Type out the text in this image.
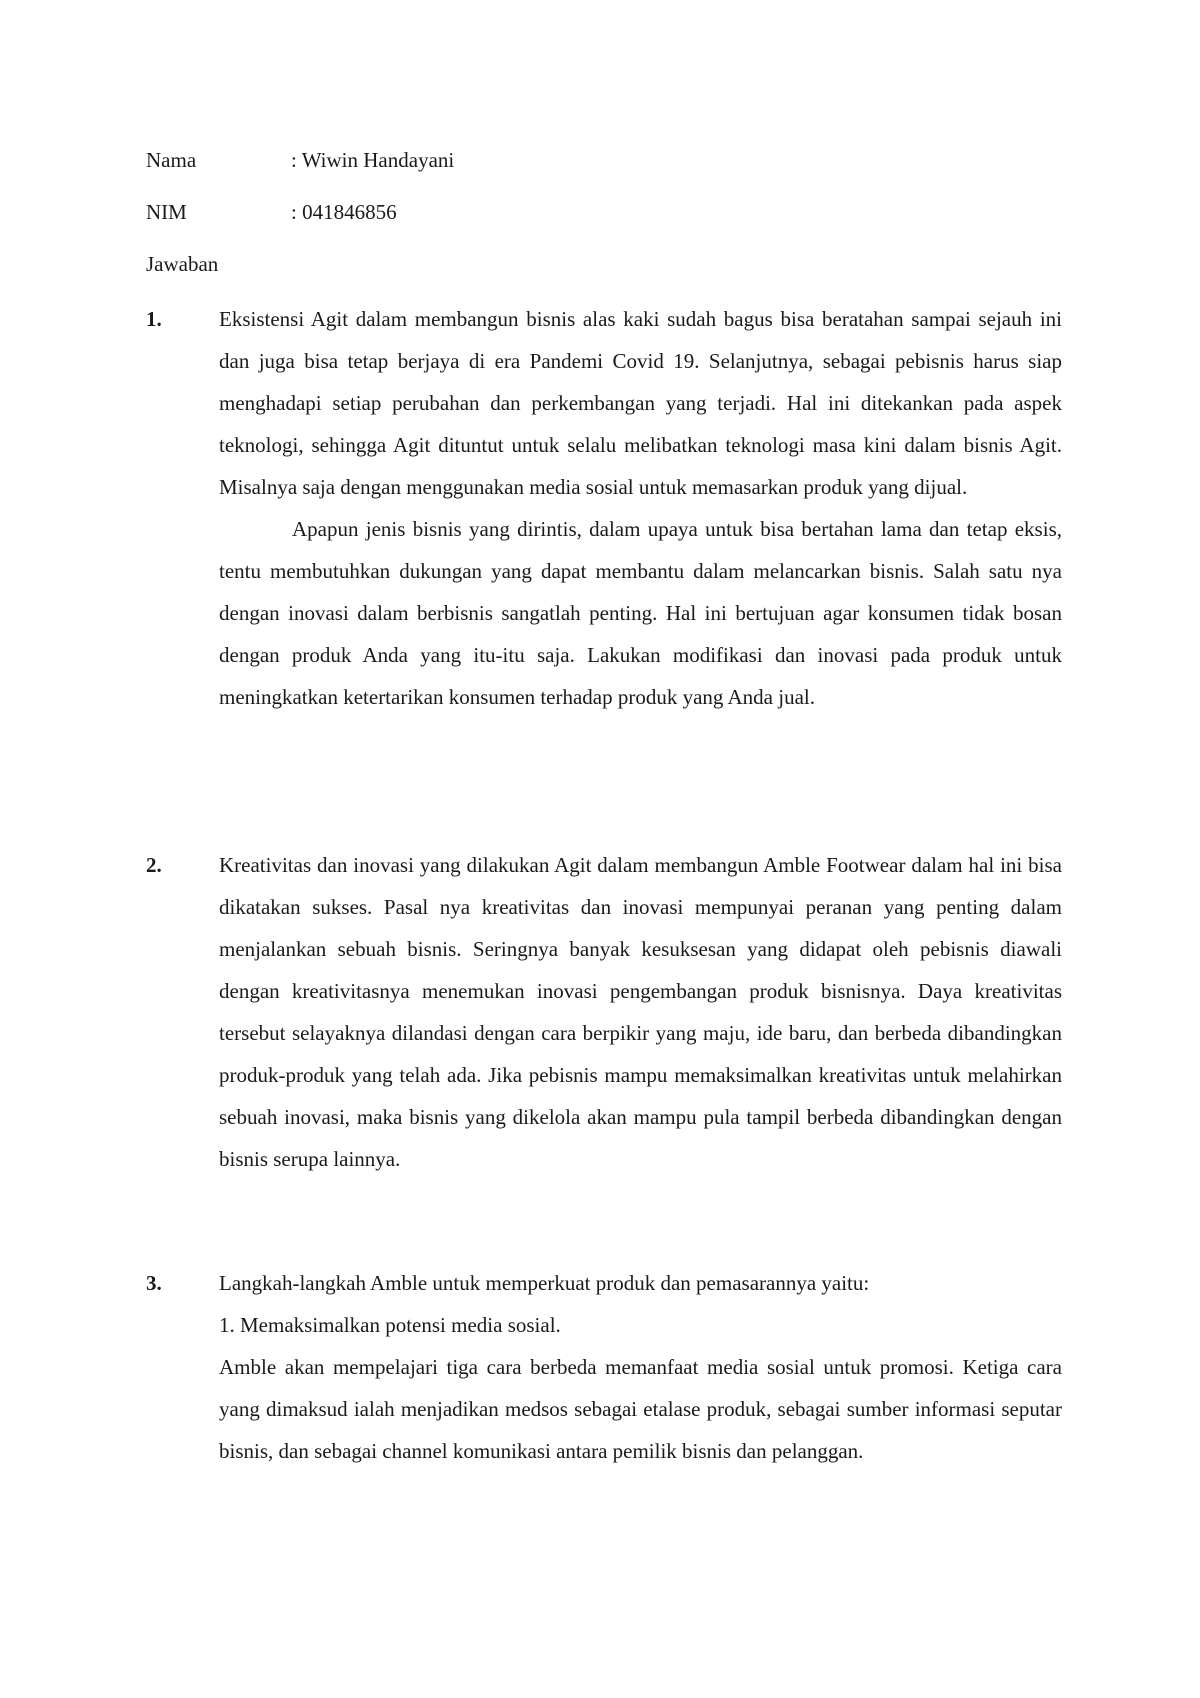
Nama	: Wiwin Handayani
NIM	: 041846856
Jawaban
1.	Eksistensi Agit dalam membangun bisnis alas kaki sudah bagus bisa beratahan sampai sejauh ini dan juga bisa tetap berjaya di era Pandemi Covid 19. Selanjutnya, sebagai pebisnis harus siap menghadapi setiap perubahan dan perkembangan yang terjadi. Hal ini ditekankan pada aspek teknologi, sehingga Agit dituntut untuk selalu melibatkan teknologi masa kini dalam bisnis Agit. Misalnya saja dengan menggunakan media sosial untuk memasarkan produk yang dijual.

Apapun jenis bisnis yang dirintis, dalam upaya untuk bisa bertahan lama dan tetap eksis, tentu membutuhkan dukungan yang dapat membantu dalam melancarkan bisnis. Salah satu nya dengan inovasi dalam berbisnis sangatlah penting. Hal ini bertujuan agar konsumen tidak bosan dengan produk Anda yang itu-itu saja. Lakukan modifikasi dan inovasi pada produk untuk meningkatkan ketertarikan konsumen terhadap produk yang Anda jual.

2.	Kreativitas dan inovasi yang dilakukan Agit dalam membangun Amble Footwear dalam hal ini bisa dikatakan sukses. Pasal nya kreativitas dan inovasi mempunyai peranan yang penting dalam menjalankan sebuah bisnis. Seringnya banyak kesuksesan yang didapat oleh pebisnis diawali dengan kreativitasnya menemukan inovasi pengembangan produk bisnisnya. Daya kreativitas tersebut selayaknya dilandasi dengan cara berpikir yang maju, ide baru, dan berbeda dibandingkan produk-produk yang telah ada. Jika pebisnis mampu memaksimalkan kreativitas untuk melahirkan sebuah inovasi, maka bisnis yang dikelola akan mampu pula tampil berbeda dibandingkan dengan bisnis serupa lainnya.

3.	Langkah-langkah Amble untuk memperkuat produk dan pemasarannya yaitu:

1. Memaksimalkan potensi media sosial.

Amble akan mempelajari tiga cara berbeda memanfaat media sosial untuk promosi. Ketiga cara yang dimaksud ialah menjadikan medsos sebagai etalase produk, sebagai sumber informasi seputar bisnis, dan sebagai channel komunikasi antara pemilik bisnis dan pelanggan.
